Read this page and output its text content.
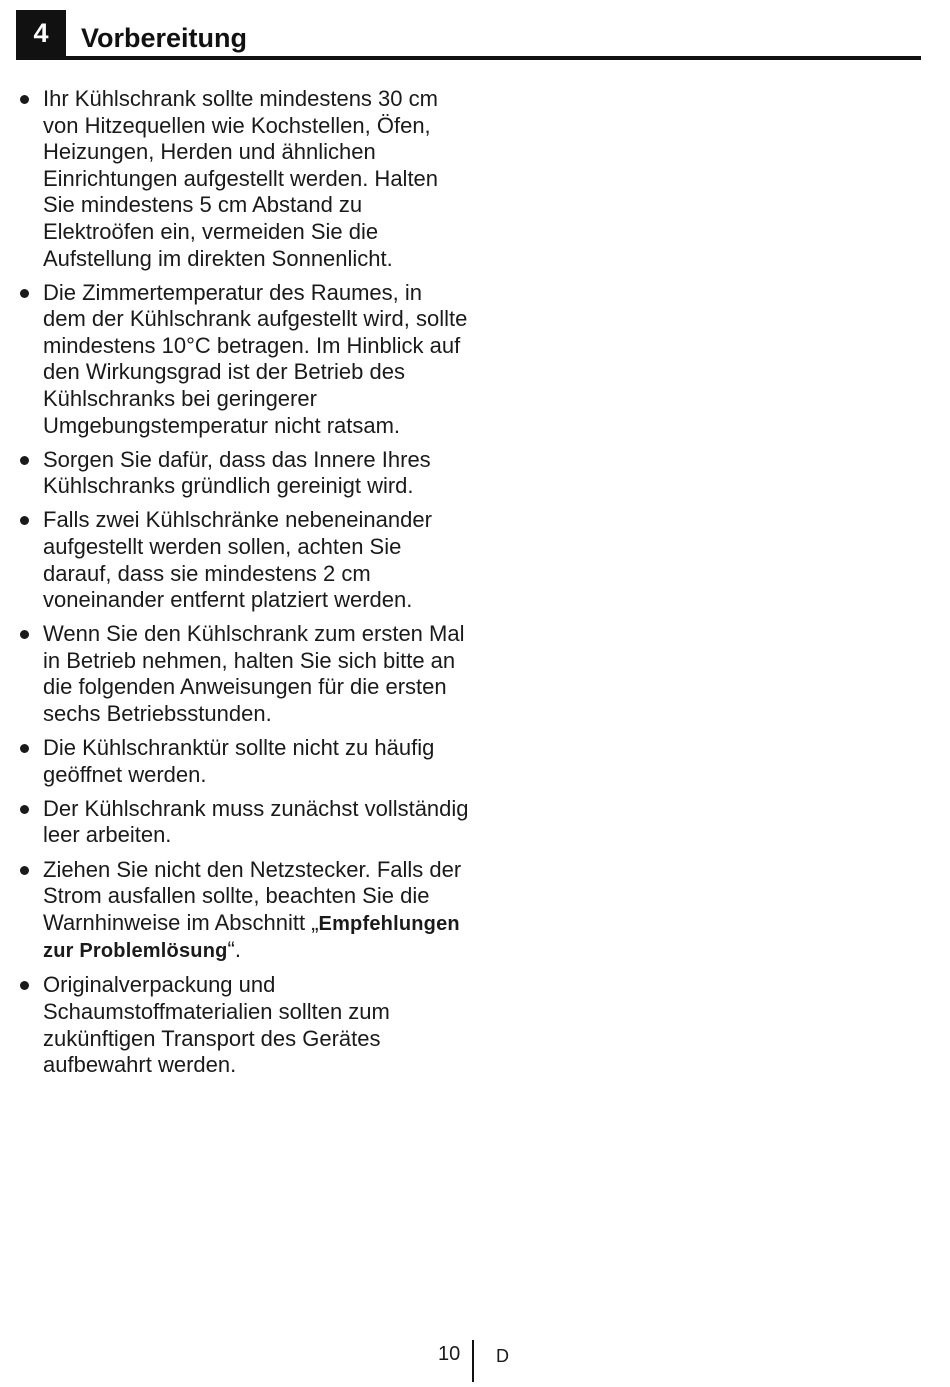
4	Vorbereitung
Ihr Kühlschrank sollte mindestens 30 cm von Hitzequellen wie Kochstellen, Öfen, Heizungen, Herden und ähnlichen Einrichtungen aufgestellt werden. Halten Sie mindestens 5 cm Abstand zu Elektroöfen ein, vermeiden Sie die Aufstellung im direkten Sonnenlicht.
Die Zimmertemperatur des Raumes, in dem der Kühlschrank aufgestellt wird, sollte mindestens 10°C betragen. Im Hinblick auf den Wirkungsgrad ist der Betrieb des Kühlschranks bei geringerer Umgebungstemperatur nicht ratsam.
Sorgen Sie dafür, dass das Innere Ihres Kühlschranks gründlich gereinigt wird.
Falls zwei Kühlschränke nebeneinander aufgestellt werden sollen, achten Sie darauf, dass sie mindestens 2 cm voneinander entfernt platziert werden.
Wenn Sie den Kühlschrank zum ersten Mal in Betrieb nehmen, halten Sie sich bitte an die folgenden Anweisungen für die ersten sechs Betriebsstunden.
Die Kühlschranktür sollte nicht zu häufig geöffnet werden.
Der Kühlschrank muss zunächst vollständig leer arbeiten.
Ziehen Sie nicht den Netzstecker. Falls der Strom ausfallen sollte, beachten Sie die Warnhinweise im Abschnitt „Empfehlungen zur Problemlösung“.
Originalverpackung und Schaumstoffmaterialien sollten zum zukünftigen Transport des Gerätes aufbewahrt werden.
10 D
